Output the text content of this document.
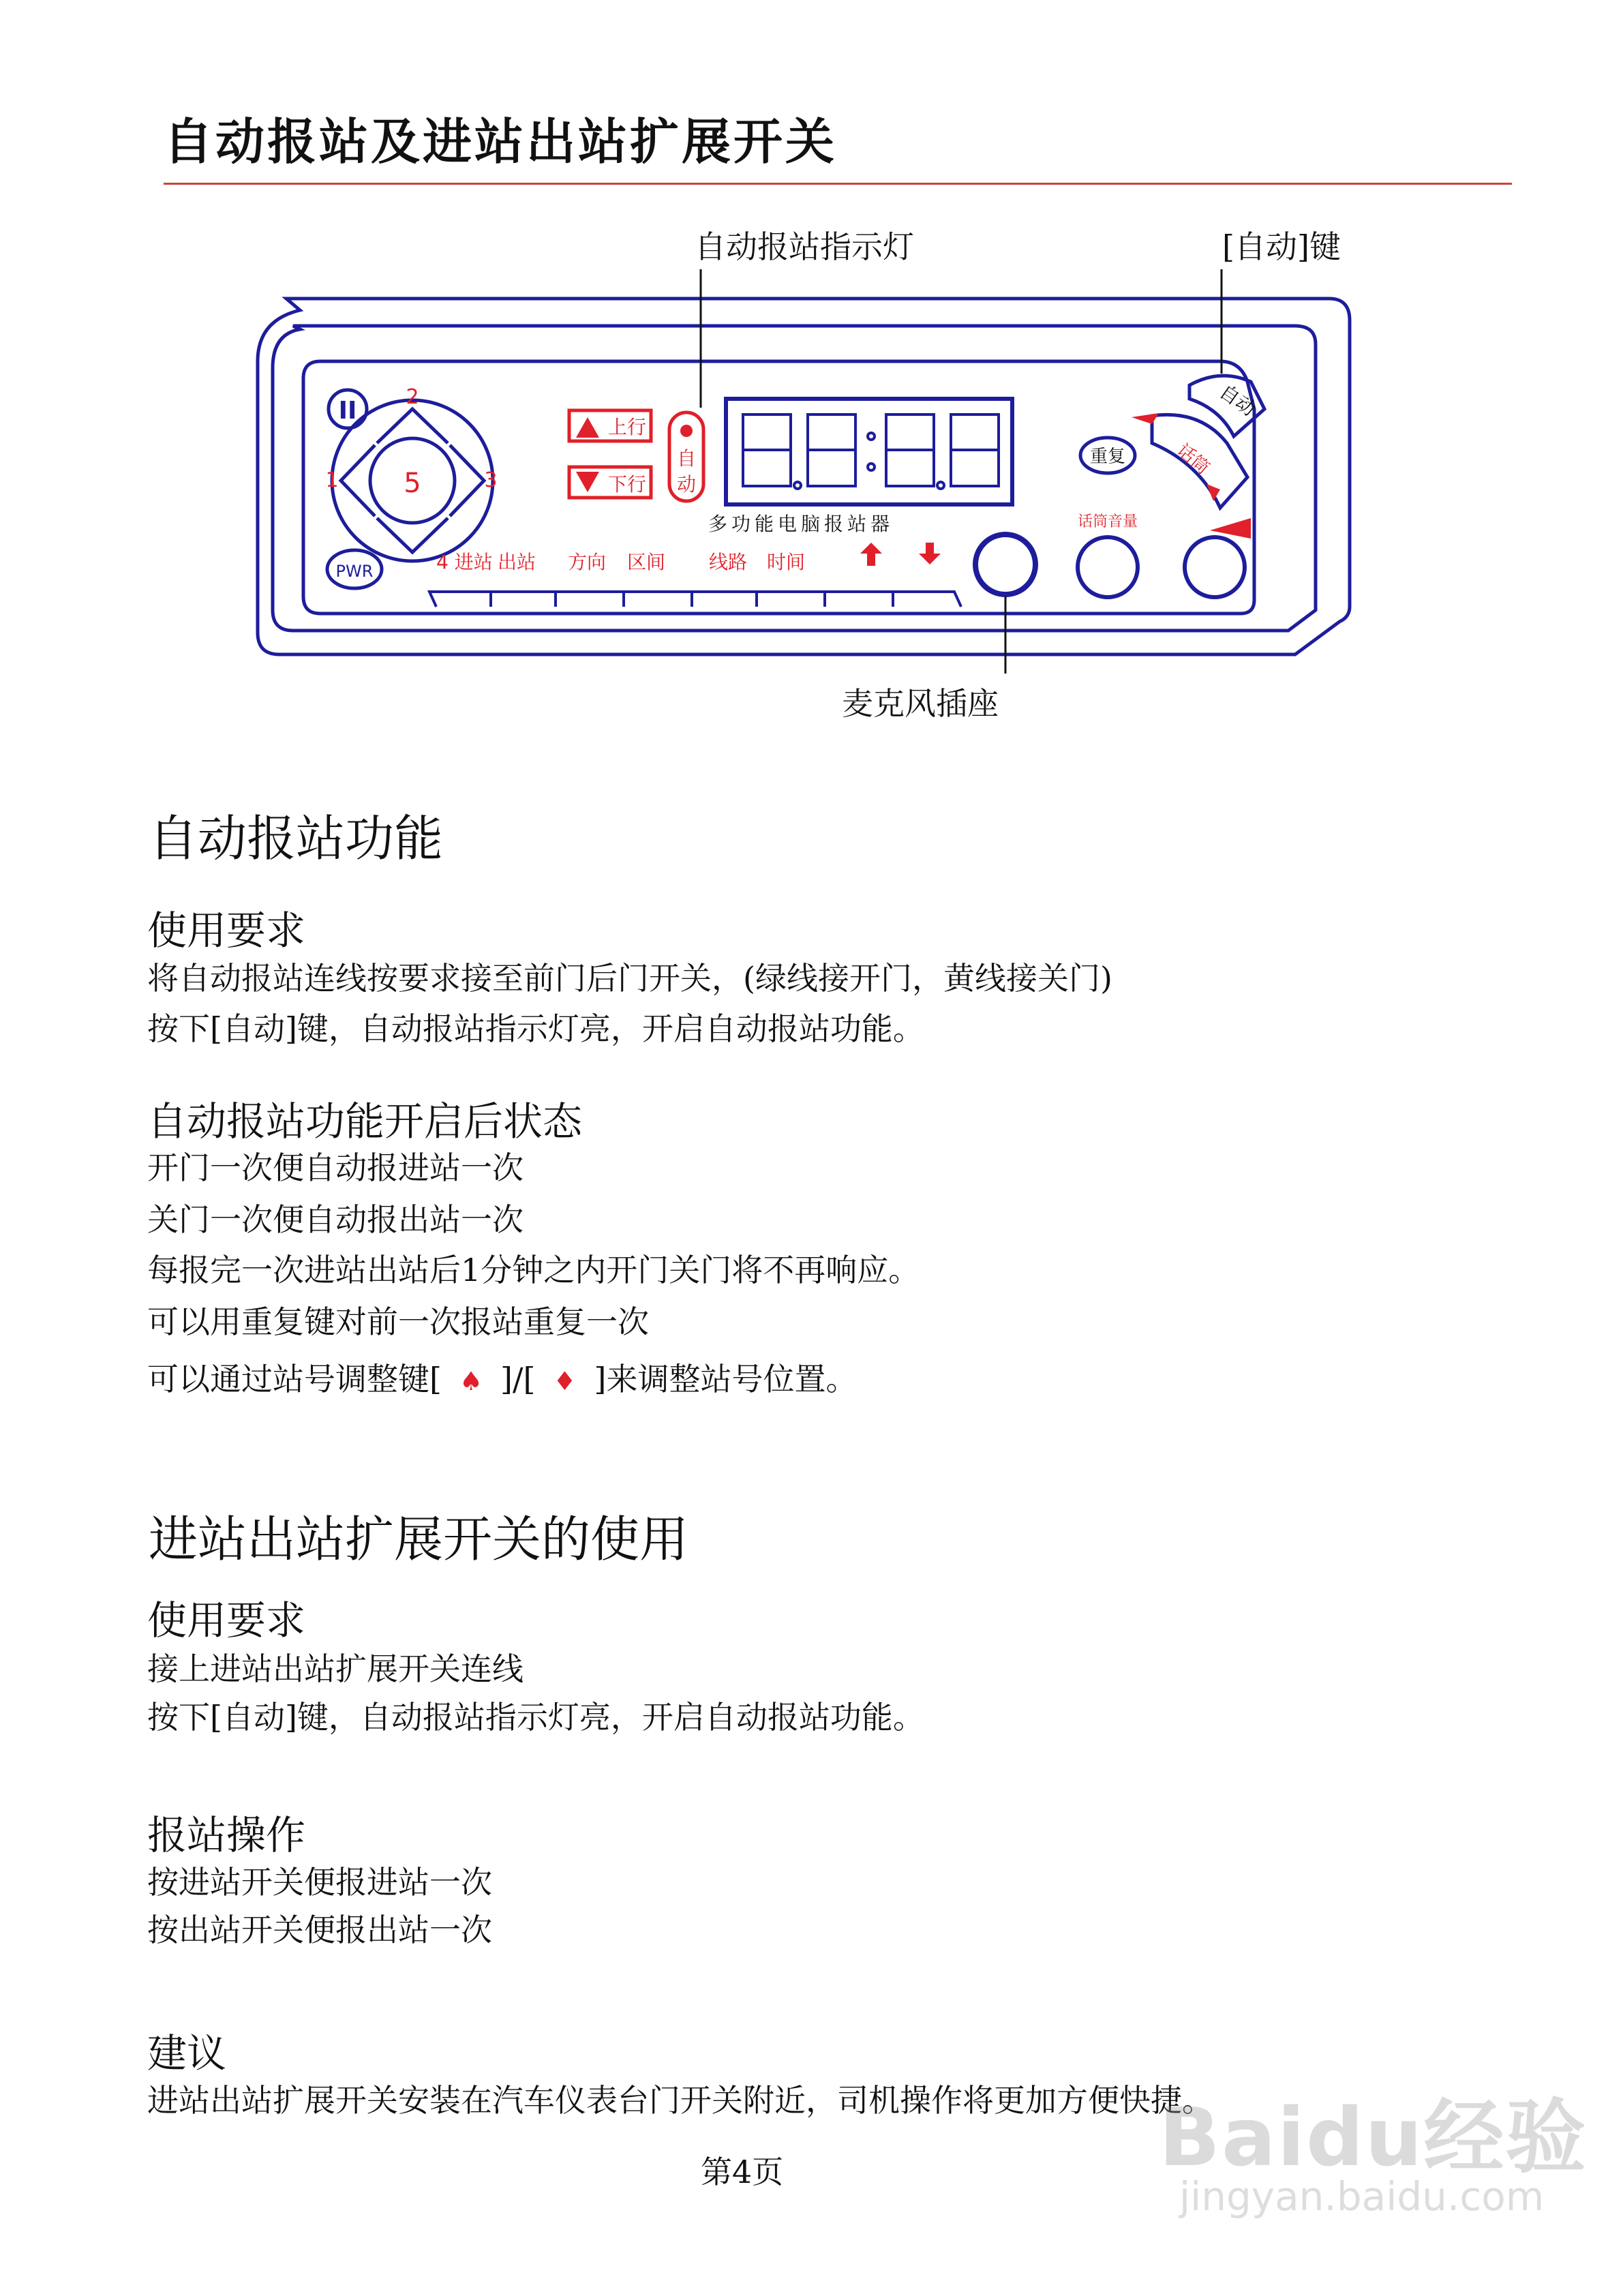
自动报站及进站出站扩展开关
II
5
2
1	3
PWR
上行
下行
自
动
多功能电脑报站器
重复
自动
话筒
话筒音量
4 进站 出站 方向 区间 线路 时间
自动报站指示灯	[自动]键
麦克风插座
自动报站功能
使用要求

将自动报站连线按要求接至前门后门开关，(绿线接开门，黄线接关门)

按下[自动]键，自动报站指示灯亮，开启自动报站功能。

自动报站功能开启后状态

开门一次便自动报进站一次

关门一次便自动报出站一次

每报完一次进站出站后1分钟之内开门关门将不再响应。

可以用重复键对前一次报站重复一次

可以通过站号调整键[ ♠ ]/[ ♦ ]来调整站号位置。

进站出站扩展开关的使用
使用要求

接上进站出站扩展开关连线

按下[自动]键，自动报站指示灯亮，开启自动报站功能。

报站操作

按进站开关便报进站一次

按出站开关便报出站一次

建议

进站出站扩展开关安装在汽车仪表台门开关附近，司机操作将更加方便快捷。

第4页	Baidu经验
jingyan.baidu.com
